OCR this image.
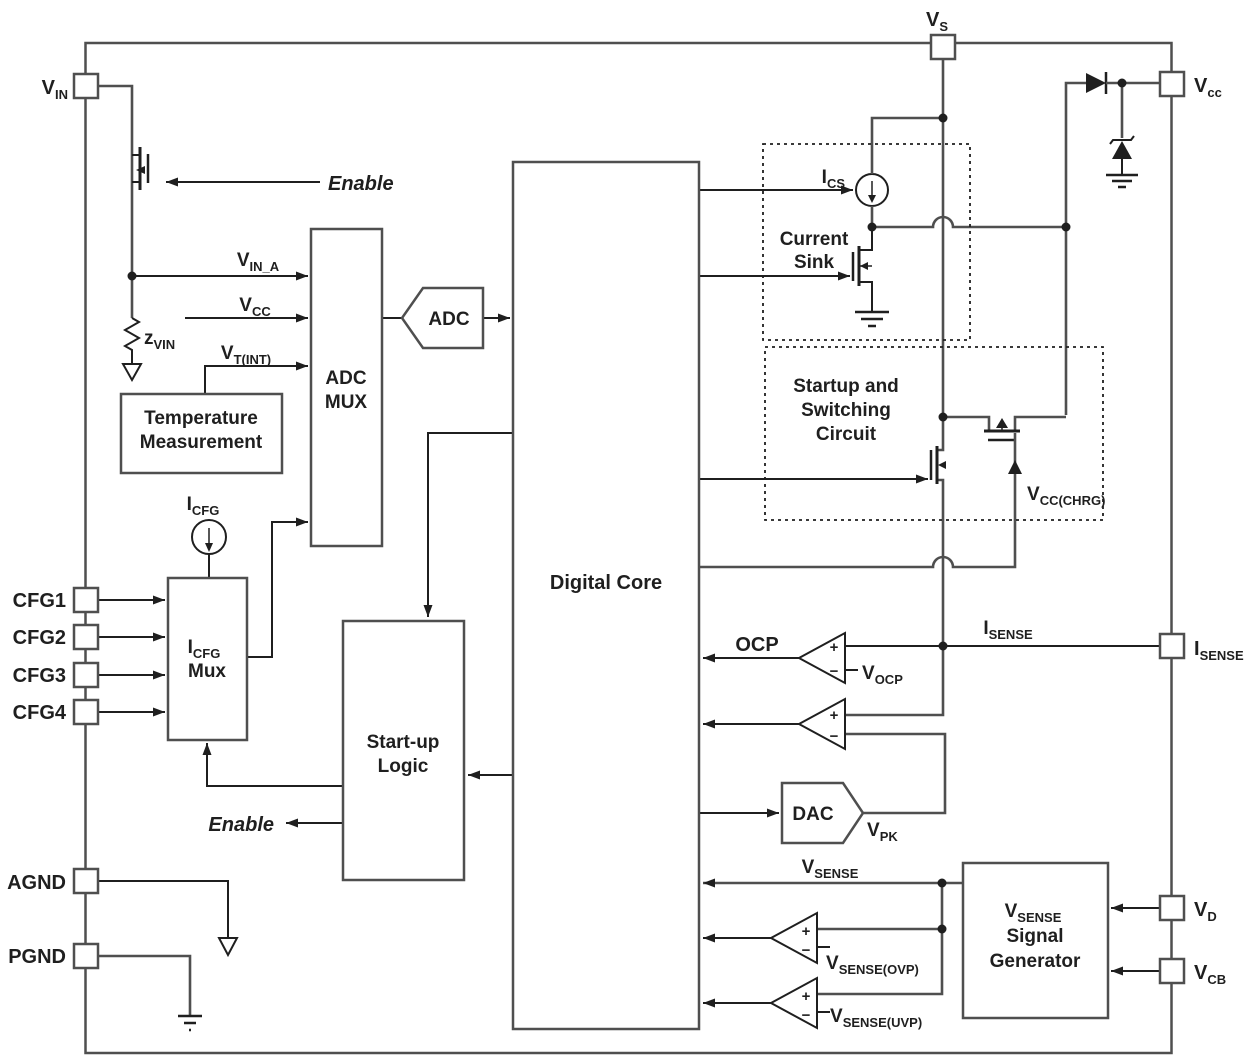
$V_{IN}$
$V_S$
$V_{cc}$
$I_{SENSE}$
$V_D$
$V_{CB}$
CFG1
CFG2
CFG3
CFG4
AGND
PGND
Enable
Enable
$V_{IN\_A}$
$V_{CC}$
$V_{T(INT)}$
$z_{VIN}$
$I_{CFG}$
$I_{CS}$
OCP
$V_{OCP}$
$I_{SENSE}$
$V_{PK}$
$V_{CC(CHRG)}$
$V_{SENSE}$
$V_{SENSE(OVP)}$
$V_{SENSE(UVP)}$
ADC
MUX
Temperature
Measurement
$I_{CFG}$
Mux
Start-up
Logic
Digital Core
ADC
DAC
$V_{SENSE}$
Signal
Generator
Current
Sink
Startup and
Switching
Circuit
+
−
+
−
+
−
+
−
